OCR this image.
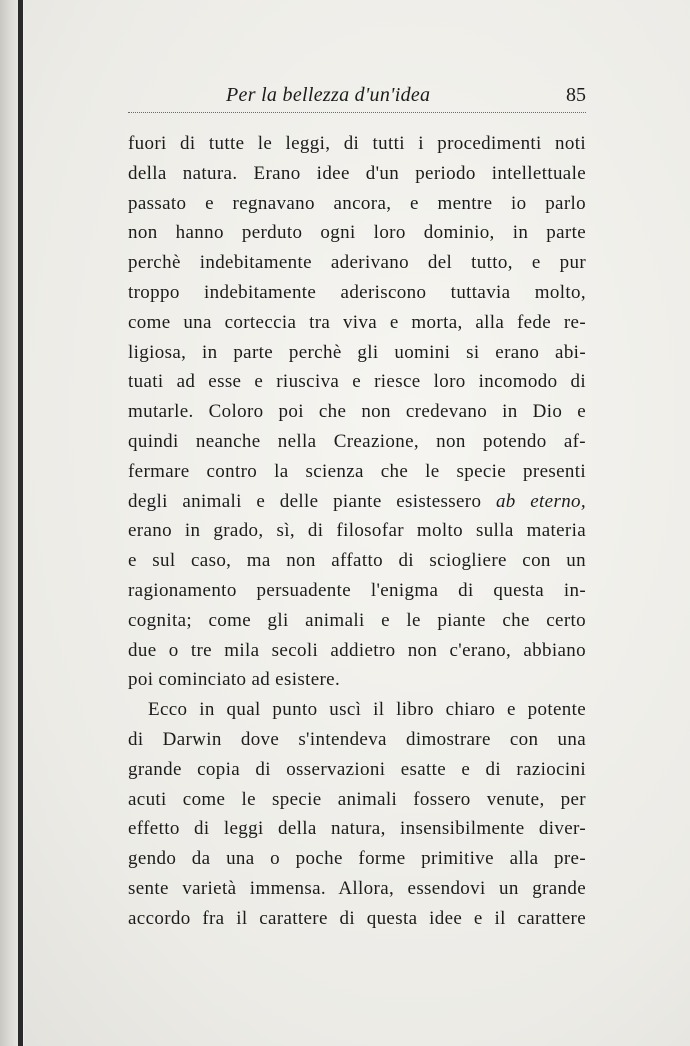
Per la bellezza d'un'idea	85
fuori di tutte le leggi, di tutti i procedimenti noti
della natura. Erano idee d'un periodo intellettuale
passato e regnavano ancora, e mentre io parlo
non hanno perduto ogni loro dominio, in parte
perchè indebitamente aderivano del tutto, e pur
troppo indebitamente aderiscono tuttavia molto,
come una corteccia tra viva e morta, alla fede re-
ligiosa, in parte perchè gli uomini si erano abi-
tuati ad esse e riusciva e riesce loro incomodo di
mutarle. Coloro poi che non credevano in Dio e
quindi neanche nella Creazione, non potendo af-
fermare contro la scienza che le specie presenti
degli animali e delle piante esistessero ab eterno,
erano in grado, sì, di filosofar molto sulla materia
e sul caso, ma non affatto di sciogliere con un
ragionamento persuadente l'enigma di questa in-
cognita; come gli animali e le piante che certo
due o tre mila secoli addietro non c'erano, abbiano
poi cominciato ad esistere.
Ecco in qual punto uscì il libro chiaro e potente
di Darwin dove s'intendeva dimostrare con una
grande copia di osservazioni esatte e di raziocini
acuti come le specie animali fossero venute, per
effetto di leggi della natura, insensibilmente diver-
gendo da una o poche forme primitive alla pre-
sente varietà immensa. Allora, essendovi un grande
accordo fra il carattere di questa idee e il carattere
